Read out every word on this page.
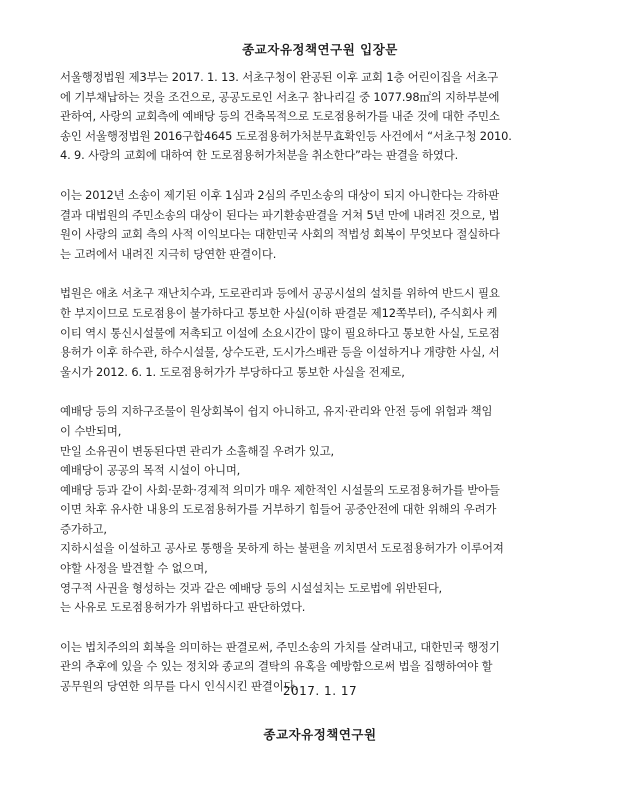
종교자유정책연구원 입장문
서울행정법원 제3부는 2017. 1. 13. 서초구청이 완공된 이후 교회 1층 어린이집을 서초구
에 기부채납하는 것을 조건으로, 공공도로인 서초구 참나리길 중 1077.98㎡의 지하부분에
관하여, 사랑의 교회측에 예배당 등의 건축목적으로 도로점용허가를 내준 것에 대한 주민소
송인 서울행정법원 2016구합4645 도로점용허가처분무효확인등 사건에서 “서초구청 2010.
4. 9. 사랑의 교회에 대하여 한 도로점용허가처분을 취소한다”라는 판결을 하였다.
이는 2012년 소송이 제기된 이후 1심과 2심의 주민소송의 대상이 되지 아니한다는 각하판
결과 대법원의 주민소송의 대상이 된다는 파기환송판결을 거쳐 5년 만에 내려진 것으로, 법
원이 사랑의 교회 측의 사적 이익보다는 대한민국 사회의 적법성 회복이 무엇보다 절실하다
는 고려에서 내려진 지극히 당연한 판결이다.
법원은 애초 서초구 재난치수과, 도로관리과 등에서 공공시설의 설치를 위하여 반드시 필요
한 부지이므로 도로점용이 불가하다고 통보한 사실(이하 판결문 제12쪽부터), 주식회사 케
이티 역시 통신시설물에 저촉되고 이설에 소요시간이 많이 필요하다고 통보한 사실, 도로점
용허가 이후 하수관, 하수시설물, 상수도관, 도시가스배관 등을 이설하거나 개량한 사실, 서
울시가 2012. 6. 1. 도로점용허가가 부당하다고 통보한 사실을 전제로,
예배당 등의 지하구조물이 원상회복이 쉽지 아니하고, 유지·관리와 안전 등에 위험과 책임
이 수반되며,
만일 소유권이 변동된다면 관리가 소홀해질 우려가 있고,
예배당이 공공의 목적 시설이 아니며,
예배당 등과 같이 사회·문화·경제적 의미가 매우 제한적인 시설물의 도로점용허가를 받아들
이면 차후 유사한 내용의 도로점용허가를 거부하기 힘들어 공중안전에 대한 위해의 우려가
증가하고,
지하시설을 이설하고 공사로 통행을 못하게 하는 불편을 끼치면서 도로점용허가가 이루어져
야할 사정을 발견할 수 없으며,
영구적 사권을 형성하는 것과 같은 예배당 등의 시설설치는 도로법에 위반된다,
는 사유로 도로점용허가가 위법하다고 판단하였다.
이는 법치주의의 회복을 의미하는 판결로써, 주민소송의 가치를 살려내고, 대한민국 행정기
관의 추후에 있을 수 있는 정치와 종교의 결탁의 유혹을 예방함으로써 법을 집행하여야 할
공무원의 당연한 의무를 다시 인식시킨 판결이다.
2017. 1. 17
종교자유정책연구원
